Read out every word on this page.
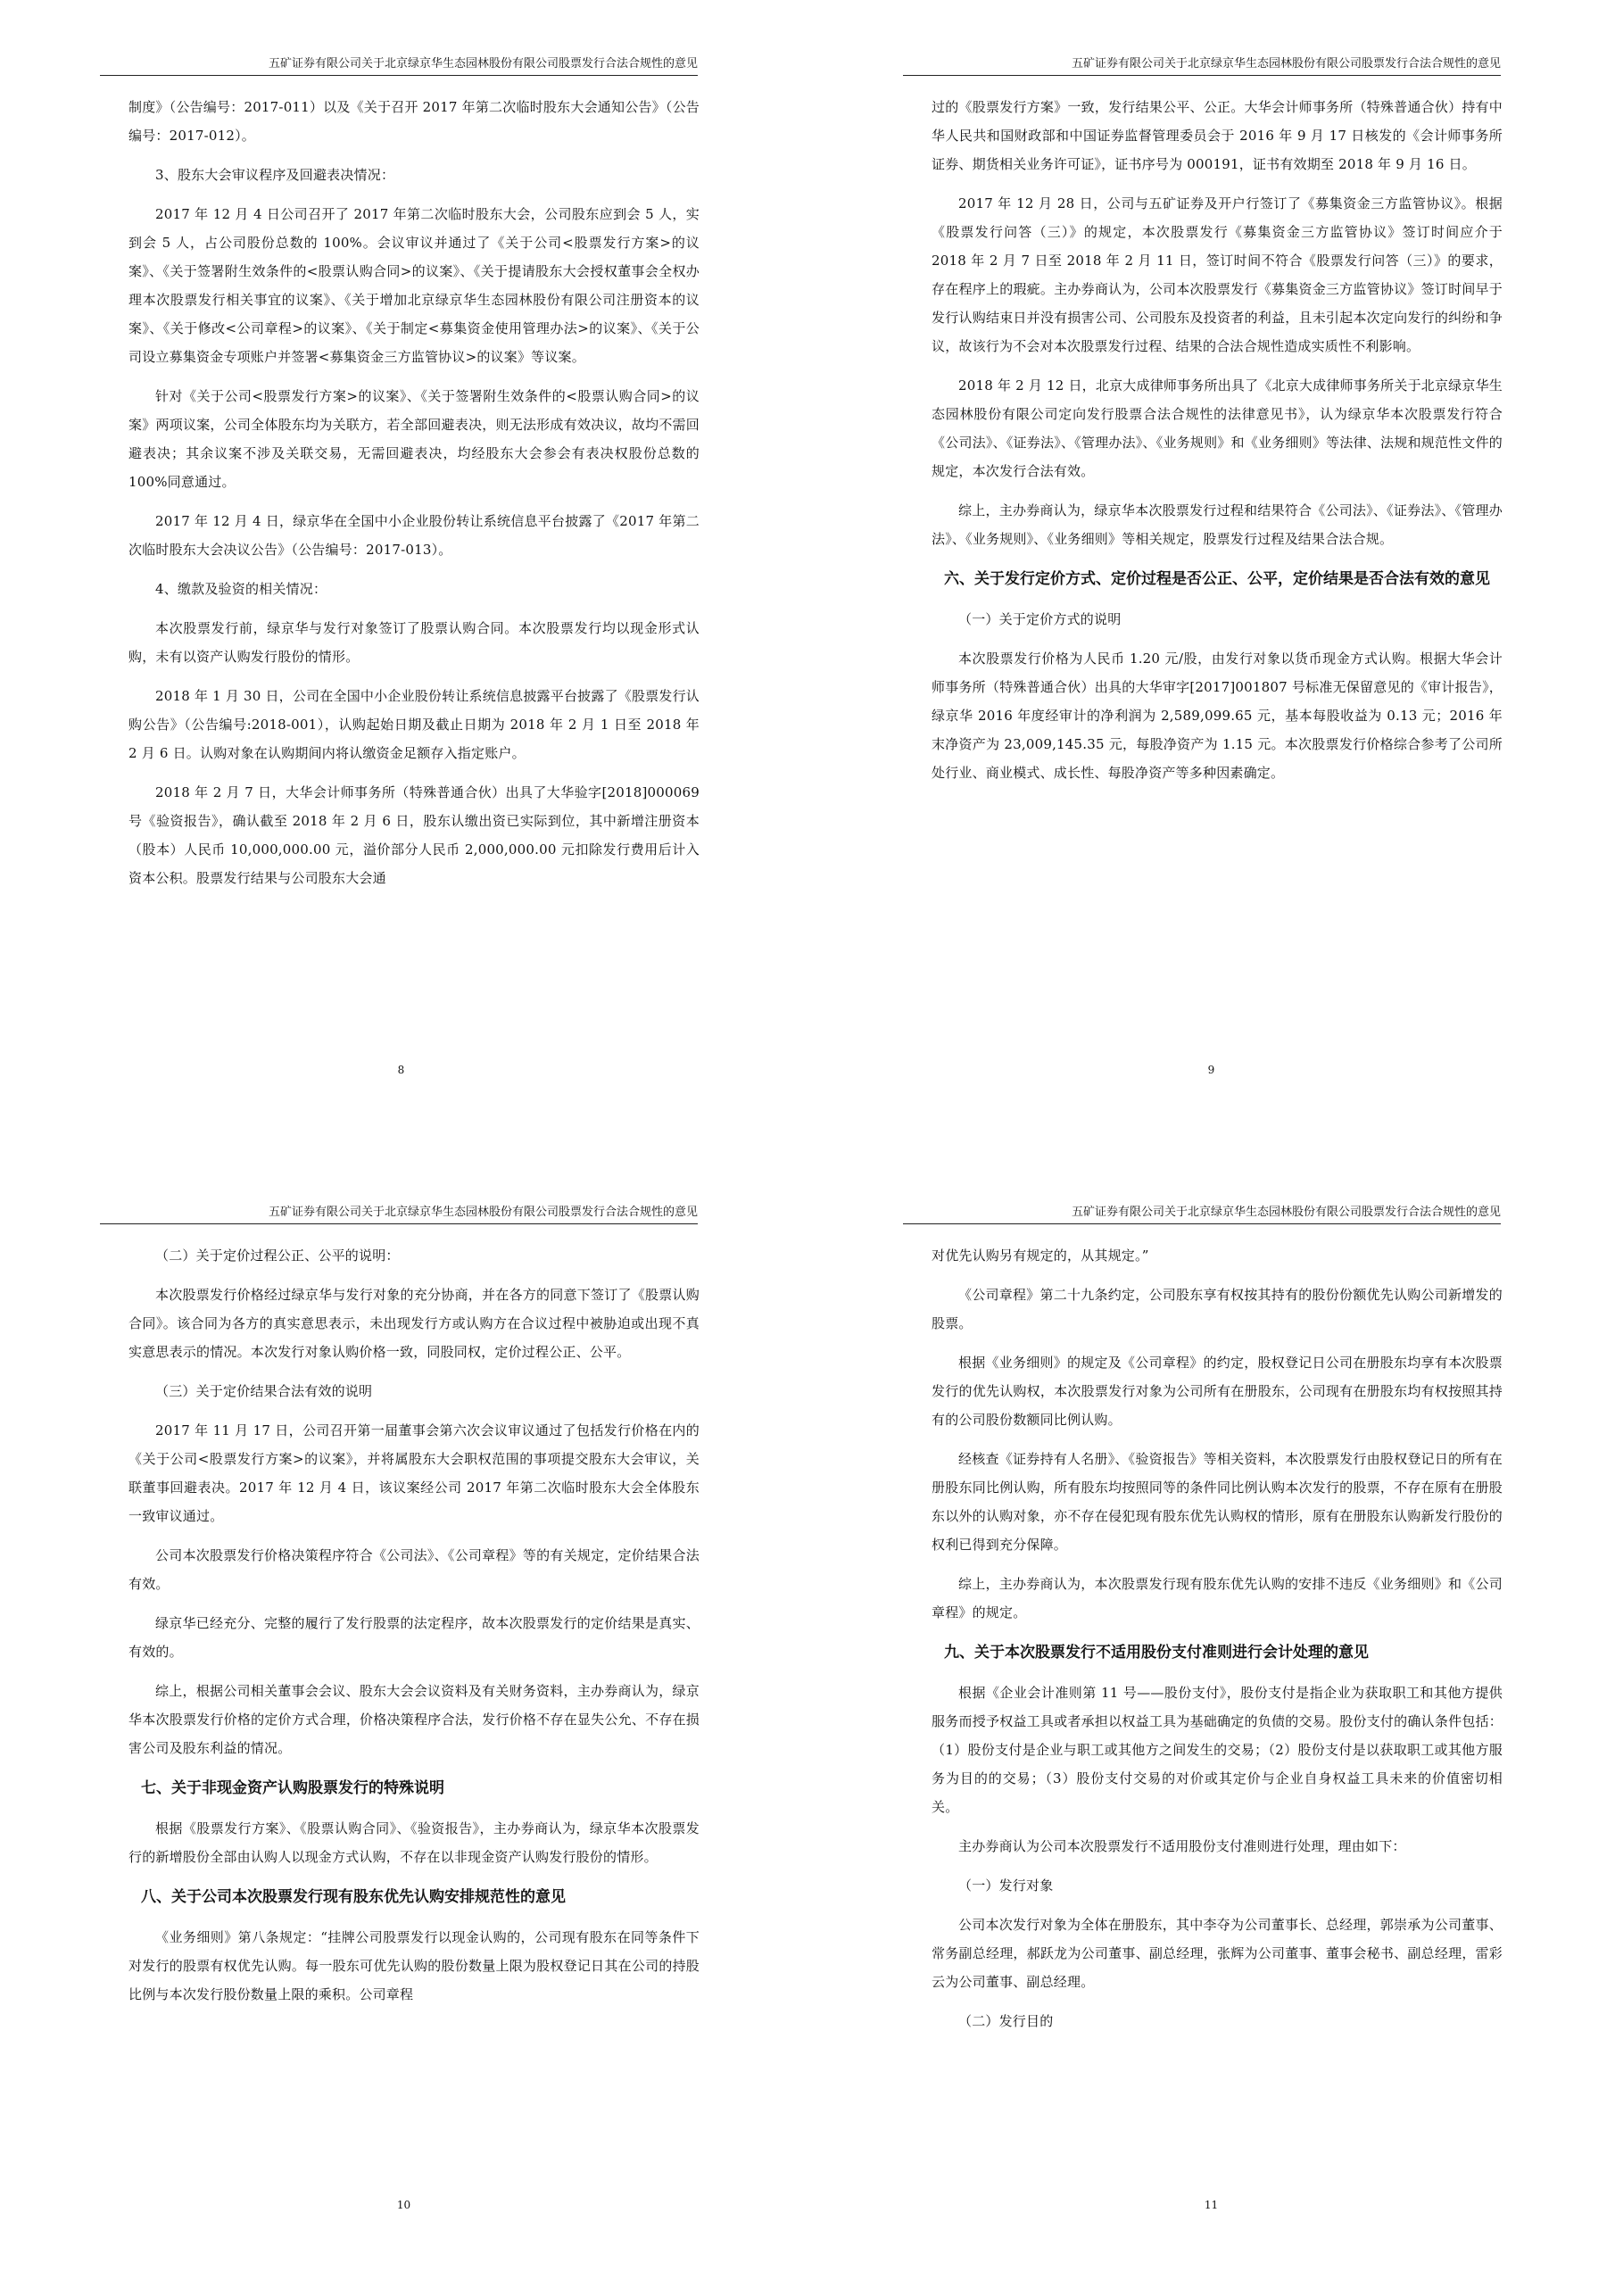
五矿证券有限公司关于北京绿京华生态园林股份有限公司股票发行合法合规性的意见

制度》（公告编号：2017-011）以及《关于召开 2017 年第二次临时股东大会通知公告》（公告编号：2017-012）。

3、股东大会审议程序及回避表决情况：

2017 年 12 月 4 日公司召开了 2017 年第二次临时股东大会，公司股东应到会 5 人，实到会 5 人，占公司股份总数的 100%。会议审议并通过了《关于公司<股票发行方案>的议案》、《关于签署附生效条件的<股票认购合同>的议案》、《关于提请股东大会授权董事会全权办理本次股票发行相关事宜的议案》、《关于增加北京绿京华生态园林股份有限公司注册资本的议案》、《关于修改<公司章程>的议案》、《关于制定<募集资金使用管理办法>的议案》、《关于公司设立募集资金专项账户并签署<募集资金三方监管协议>的议案》等议案。

针对《关于公司<股票发行方案>的议案》、《关于签署附生效条件的<股票认购合同>的议案》两项议案，公司全体股东均为关联方，若全部回避表决，则无法形成有效决议，故均不需回避表决；其余议案不涉及关联交易，无需回避表决，均经股东大会参会有表决权股份总数的 100%同意通过。

2017 年 12 月 4 日，绿京华在全国中小企业股份转让系统信息平台披露了《2017 年第二次临时股东大会决议公告》（公告编号：2017-013）。

4、缴款及验资的相关情况：

本次股票发行前，绿京华与发行对象签订了股票认购合同。本次股票发行均以现金形式认购，未有以资产认购发行股份的情形。

2018 年 1 月 30 日，公司在全国中小企业股份转让系统信息披露平台披露了《股票发行认购公告》（公告编号:2018-001），认购起始日期及截止日期为 2018 年 2 月 1 日至 2018 年 2 月 6 日。认购对象在认购期间内将认缴资金足额存入指定账户。

2018 年 2 月 7 日，大华会计师事务所（特殊普通合伙）出具了大华验字[2018]000069 号《验资报告》，确认截至 2018 年 2 月 6 日，股东认缴出资已实际到位，其中新增注册资本（股本）人民币 10,000,000.00 元，溢价部分人民币 2,000,000.00 元扣除发行费用后计入资本公积。股票发行结果与公司股东大会通

8
五矿证券有限公司关于北京绿京华生态园林股份有限公司股票发行合法合规性的意见

过的《股票发行方案》一致，发行结果公平、公正。大华会计师事务所（特殊普通合伙）持有中华人民共和国财政部和中国证券监督管理委员会于 2016 年 9 月 17 日核发的《会计师事务所证券、期货相关业务许可证》，证书序号为 000191，证书有效期至 2018 年 9 月 16 日。

2017 年 12 月 28 日，公司与五矿证券及开户行签订了《募集资金三方监管协议》。根据《股票发行问答（三）》的规定，本次股票发行《募集资金三方监管协议》签订时间应介于 2018 年 2 月 7 日至 2018 年 2 月 11 日，签订时间不符合《股票发行问答（三）》的要求，存在程序上的瑕疵。主办券商认为，公司本次股票发行《募集资金三方监管协议》签订时间早于发行认购结束日并没有损害公司、公司股东及投资者的利益，且未引起本次定向发行的纠纷和争议，故该行为不会对本次股票发行过程、结果的合法合规性造成实质性不利影响。

2018 年 2 月 12 日，北京大成律师事务所出具了《北京大成律师事务所关于北京绿京华生态园林股份有限公司定向发行股票合法合规性的法律意见书》，认为绿京华本次股票发行符合《公司法》、《证券法》、《管理办法》、《业务规则》和《业务细则》等法律、法规和规范性文件的规定，本次发行合法有效。

综上，主办券商认为，绿京华本次股票发行过程和结果符合《公司法》、《证券法》、《管理办法》、《业务规则》、《业务细则》等相关规定，股票发行过程及结果合法合规。

六、关于发行定价方式、定价过程是否公正、公平，定价结果是否合法有效的意见

（一）关于定价方式的说明

本次股票发行价格为人民币 1.20 元/股，由发行对象以货币现金方式认购。根据大华会计师事务所（特殊普通合伙）出具的大华审字[2017]001807 号标准无保留意见的《审计报告》，绿京华 2016 年度经审计的净利润为 2,589,099.65 元，基本每股收益为 0.13 元；2016 年末净资产为 23,009,145.35 元，每股净资产为 1.15 元。本次股票发行价格综合参考了公司所处行业、商业模式、成长性、每股净资产等多种因素确定。

9
五矿证券有限公司关于北京绿京华生态园林股份有限公司股票发行合法合规性的意见

（二）关于定价过程公正、公平的说明：

本次股票发行价格经过绿京华与发行对象的充分协商，并在各方的同意下签订了《股票认购合同》。该合同为各方的真实意思表示，未出现发行方或认购方在合议过程中被胁迫或出现不真实意思表示的情况。本次发行对象认购价格一致，同股同权，定价过程公正、公平。

（三）关于定价结果合法有效的说明

2017 年 11 月 17 日，公司召开第一届董事会第六次会议审议通过了包括发行价格在内的《关于公司<股票发行方案>的议案》，并将属股东大会职权范围的事项提交股东大会审议，关联董事回避表决。2017 年 12 月 4 日，该议案经公司 2017 年第二次临时股东大会全体股东一致审议通过。

公司本次股票发行价格决策程序符合《公司法》、《公司章程》等的有关规定，定价结果合法有效。

绿京华已经充分、完整的履行了发行股票的法定程序，故本次股票发行的定价结果是真实、有效的。

综上，根据公司相关董事会会议、股东大会会议资料及有关财务资料，主办券商认为，绿京华本次股票发行价格的定价方式合理，价格决策程序合法，发行价格不存在显失公允、不存在损害公司及股东利益的情况。

七、关于非现金资产认购股票发行的特殊说明

根据《股票发行方案》、《股票认购合同》、《验资报告》，主办券商认为，绿京华本次股票发行的新增股份全部由认购人以现金方式认购，不存在以非现金资产认购发行股份的情形。

八、关于公司本次股票发行现有股东优先认购安排规范性的意见

《业务细则》第八条规定：“挂牌公司股票发行以现金认购的，公司现有股东在同等条件下对发行的股票有权优先认购。每一股东可优先认购的股份数量上限为股权登记日其在公司的持股比例与本次发行股份数量上限的乘积。公司章程

10
五矿证券有限公司关于北京绿京华生态园林股份有限公司股票发行合法合规性的意见

对优先认购另有规定的，从其规定。”

《公司章程》第二十九条约定，公司股东享有权按其持有的股份份额优先认购公司新增发的股票。

根据《业务细则》的规定及《公司章程》的约定，股权登记日公司在册股东均享有本次股票发行的优先认购权，本次股票发行对象为公司所有在册股东，公司现有在册股东均有权按照其持有的公司股份数额同比例认购。

经核查《证券持有人名册》、《验资报告》等相关资料，本次股票发行由股权登记日的所有在册股东同比例认购，所有股东均按照同等的条件同比例认购本次发行的股票，不存在原有在册股东以外的认购对象，亦不存在侵犯现有股东优先认购权的情形，原有在册股东认购新发行股份的权利已得到充分保障。

综上，主办券商认为，本次股票发行现有股东优先认购的安排不违反《业务细则》和《公司章程》的规定。

九、关于本次股票发行不适用股份支付准则进行会计处理的意见

根据《企业会计准则第 11 号——股份支付》，股份支付是指企业为获取职工和其他方提供服务而授予权益工具或者承担以权益工具为基础确定的负债的交易。股份支付的确认条件包括：（1）股份支付是企业与职工或其他方之间发生的交易；（2）股份支付是以获取职工或其他方服务为目的的交易；（3）股份支付交易的对价或其定价与企业自身权益工具未来的价值密切相关。

主办券商认为公司本次股票发行不适用股份支付准则进行处理，理由如下：

（一）发行对象

公司本次发行对象为全体在册股东，其中李夺为公司董事长、总经理，郭崇承为公司董事、常务副总经理，郝跃龙为公司董事、副总经理，张辉为公司董事、董事会秘书、副总经理，雷彩云为公司董事、副总经理。

（二）发行目的

11
